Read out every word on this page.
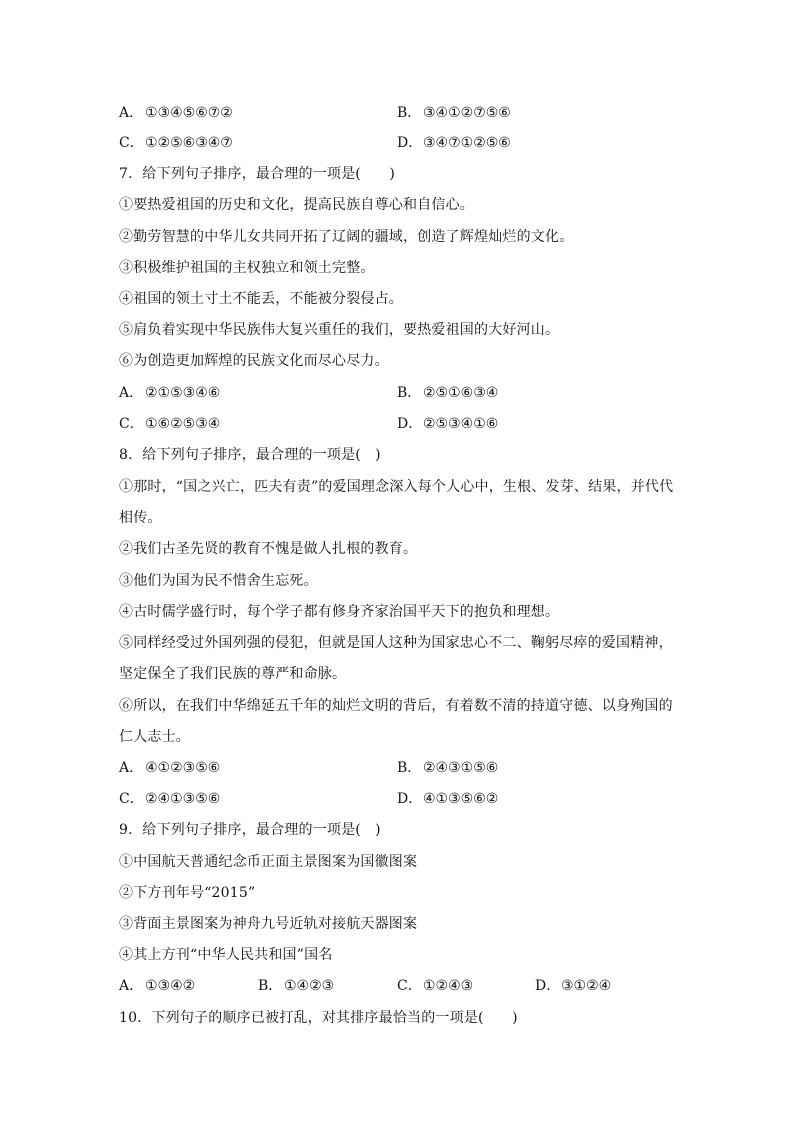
A． ①③④⑤⑥⑦②	B． ③④①②⑦⑤⑥
C．①②⑤⑥③④⑦	D．③④⑦①②⑤⑥
7．给下列句子排序，最合理的一项是(　　)
①要热爱祖国的历史和文化，提高民族自尊心和自信心。
②勤劳智慧的中华儿女共同开拓了辽阔的疆域，创造了辉煌灿烂的文化。
③积极维护祖国的主权独立和领土完整。
④祖国的领土寸土不能丢，不能被分裂侵占。
⑤肩负着实现中华民族伟大复兴重任的我们，要热爱祖国的大好河山。
⑥为创造更加辉煌的民族文化而尽心尽力。
A． ②①⑤③④⑥	B． ②⑤①⑥③④
C．①⑥②⑤③④	D．②⑤③④①⑥
8．给下列句子排序，最合理的一项是(　)
①那时，“国之兴亡，匹夫有责”的爱国理念深入每个人心中，生根、发芽、结果，并代代
相传。
②我们古圣先贤的教育不愧是做人扎根的教育。
③他们为国为民不惜舍生忘死。
④古时儒学盛行时，每个学子都有修身齐家治国平天下的抱负和理想。
⑤同样经受过外国列强的侵犯，但就是国人这种为国家忠心不二、鞠躬尽瘁的爱国精神，
坚定保全了我们民族的尊严和命脉。
⑥所以，在我们中华绵延五千年的灿烂文明的背后，有着数不清的持道守德、以身殉国的
仁人志士。
A． ④①②③⑤⑥	B． ②④③①⑤⑥
C．②④①③⑤⑥	D．④①③⑤⑥②
9．给下列句子排序，最合理的一项是(　)
①中国航天普通纪念币正面主景图案为国徽图案
②下方刊年号“2015”
③背面主景图案为神舟九号近轨对接航天器图案
④其上方刊“中华人民共和国”国名
A． ①③④②	B． ①④②③	C．①②④③	D．③①②④
10．下列句子的顺序已被打乱，对其排序最恰当的一项是(　　)
